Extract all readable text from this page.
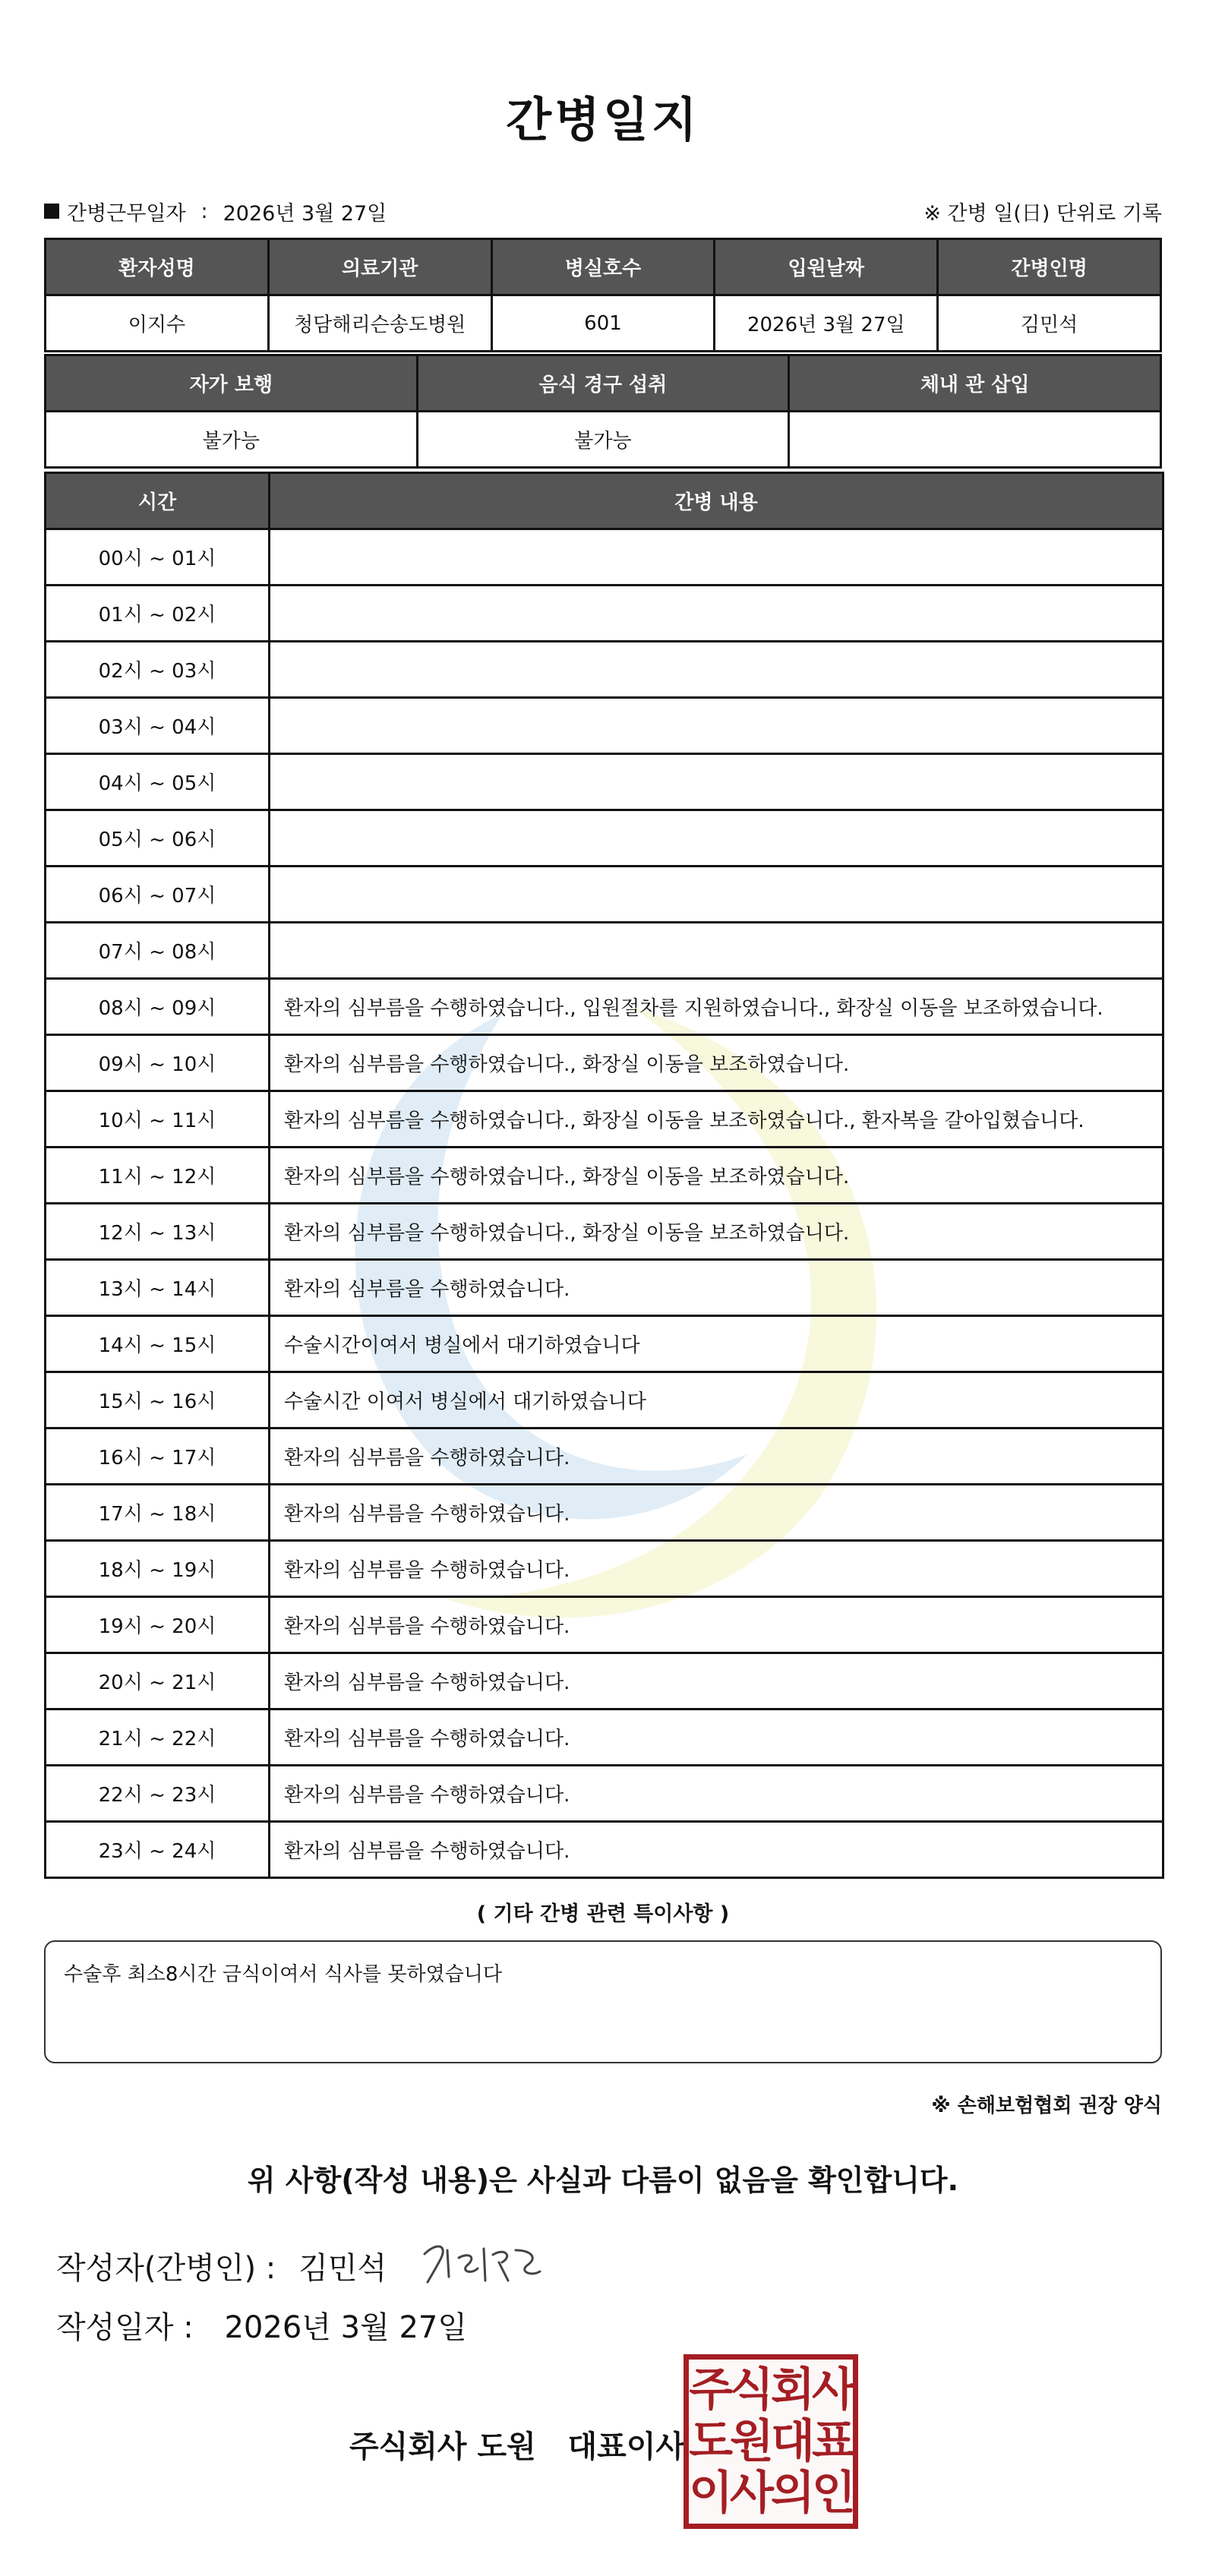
간병일지
간병근무일자 : 2026년 3월 27일	※ 간병 일(日) 단위로 기록
환자성명	의료기관	병실호수	입원날짜	간병인명
이지수	청담해리슨송도병원	601	2026년 3월 27일	김민석
자가 보행	음식 경구 섭취	체내 관 삽입
불가능	불가능	
시간	간병 내용
00시 ~ 01시	
01시 ~ 02시	
02시 ~ 03시	
03시 ~ 04시	
04시 ~ 05시	
05시 ~ 06시	
06시 ~ 07시	
07시 ~ 08시	
08시 ~ 09시	환자의 심부름을 수행하였습니다., 입원절차를 지원하였습니다., 화장실 이동을 보조하였습니다.
09시 ~ 10시	환자의 심부름을 수행하였습니다., 화장실 이동을 보조하였습니다.
10시 ~ 11시	환자의 심부름을 수행하였습니다., 화장실 이동을 보조하였습니다., 환자복을 갈아입혔습니다.
11시 ~ 12시	환자의 심부름을 수행하였습니다., 화장실 이동을 보조하였습니다.
12시 ~ 13시	환자의 심부름을 수행하였습니다., 화장실 이동을 보조하였습니다.
13시 ~ 14시	환자의 심부름을 수행하였습니다.
14시 ~ 15시	수술시간이여서 병실에서 대기하였습니다
15시 ~ 16시	수술시간 이여서 병실에서 대기하였습니다
16시 ~ 17시	환자의 심부름을 수행하였습니다.
17시 ~ 18시	환자의 심부름을 수행하였습니다.
18시 ~ 19시	환자의 심부름을 수행하였습니다.
19시 ~ 20시	환자의 심부름을 수행하였습니다.
20시 ~ 21시	환자의 심부름을 수행하였습니다.
21시 ~ 22시	환자의 심부름을 수행하였습니다.
22시 ~ 23시	환자의 심부름을 수행하였습니다.
23시 ~ 24시	환자의 심부름을 수행하였습니다.
( 기타 간병 관련 특이사항 )
수술후 최소8시간 금식이여서 식사를 못하였습니다
※ 손해보험협회 권장 양식
위 사항(작성 내용)은 사실과 다름이 없음을 확인합니다.
작성자(간병인) : 김민석
작성일자 : 2026년 3월 27일
주식회사 도원   대표이사
주식회사
도원대표
이사의인
